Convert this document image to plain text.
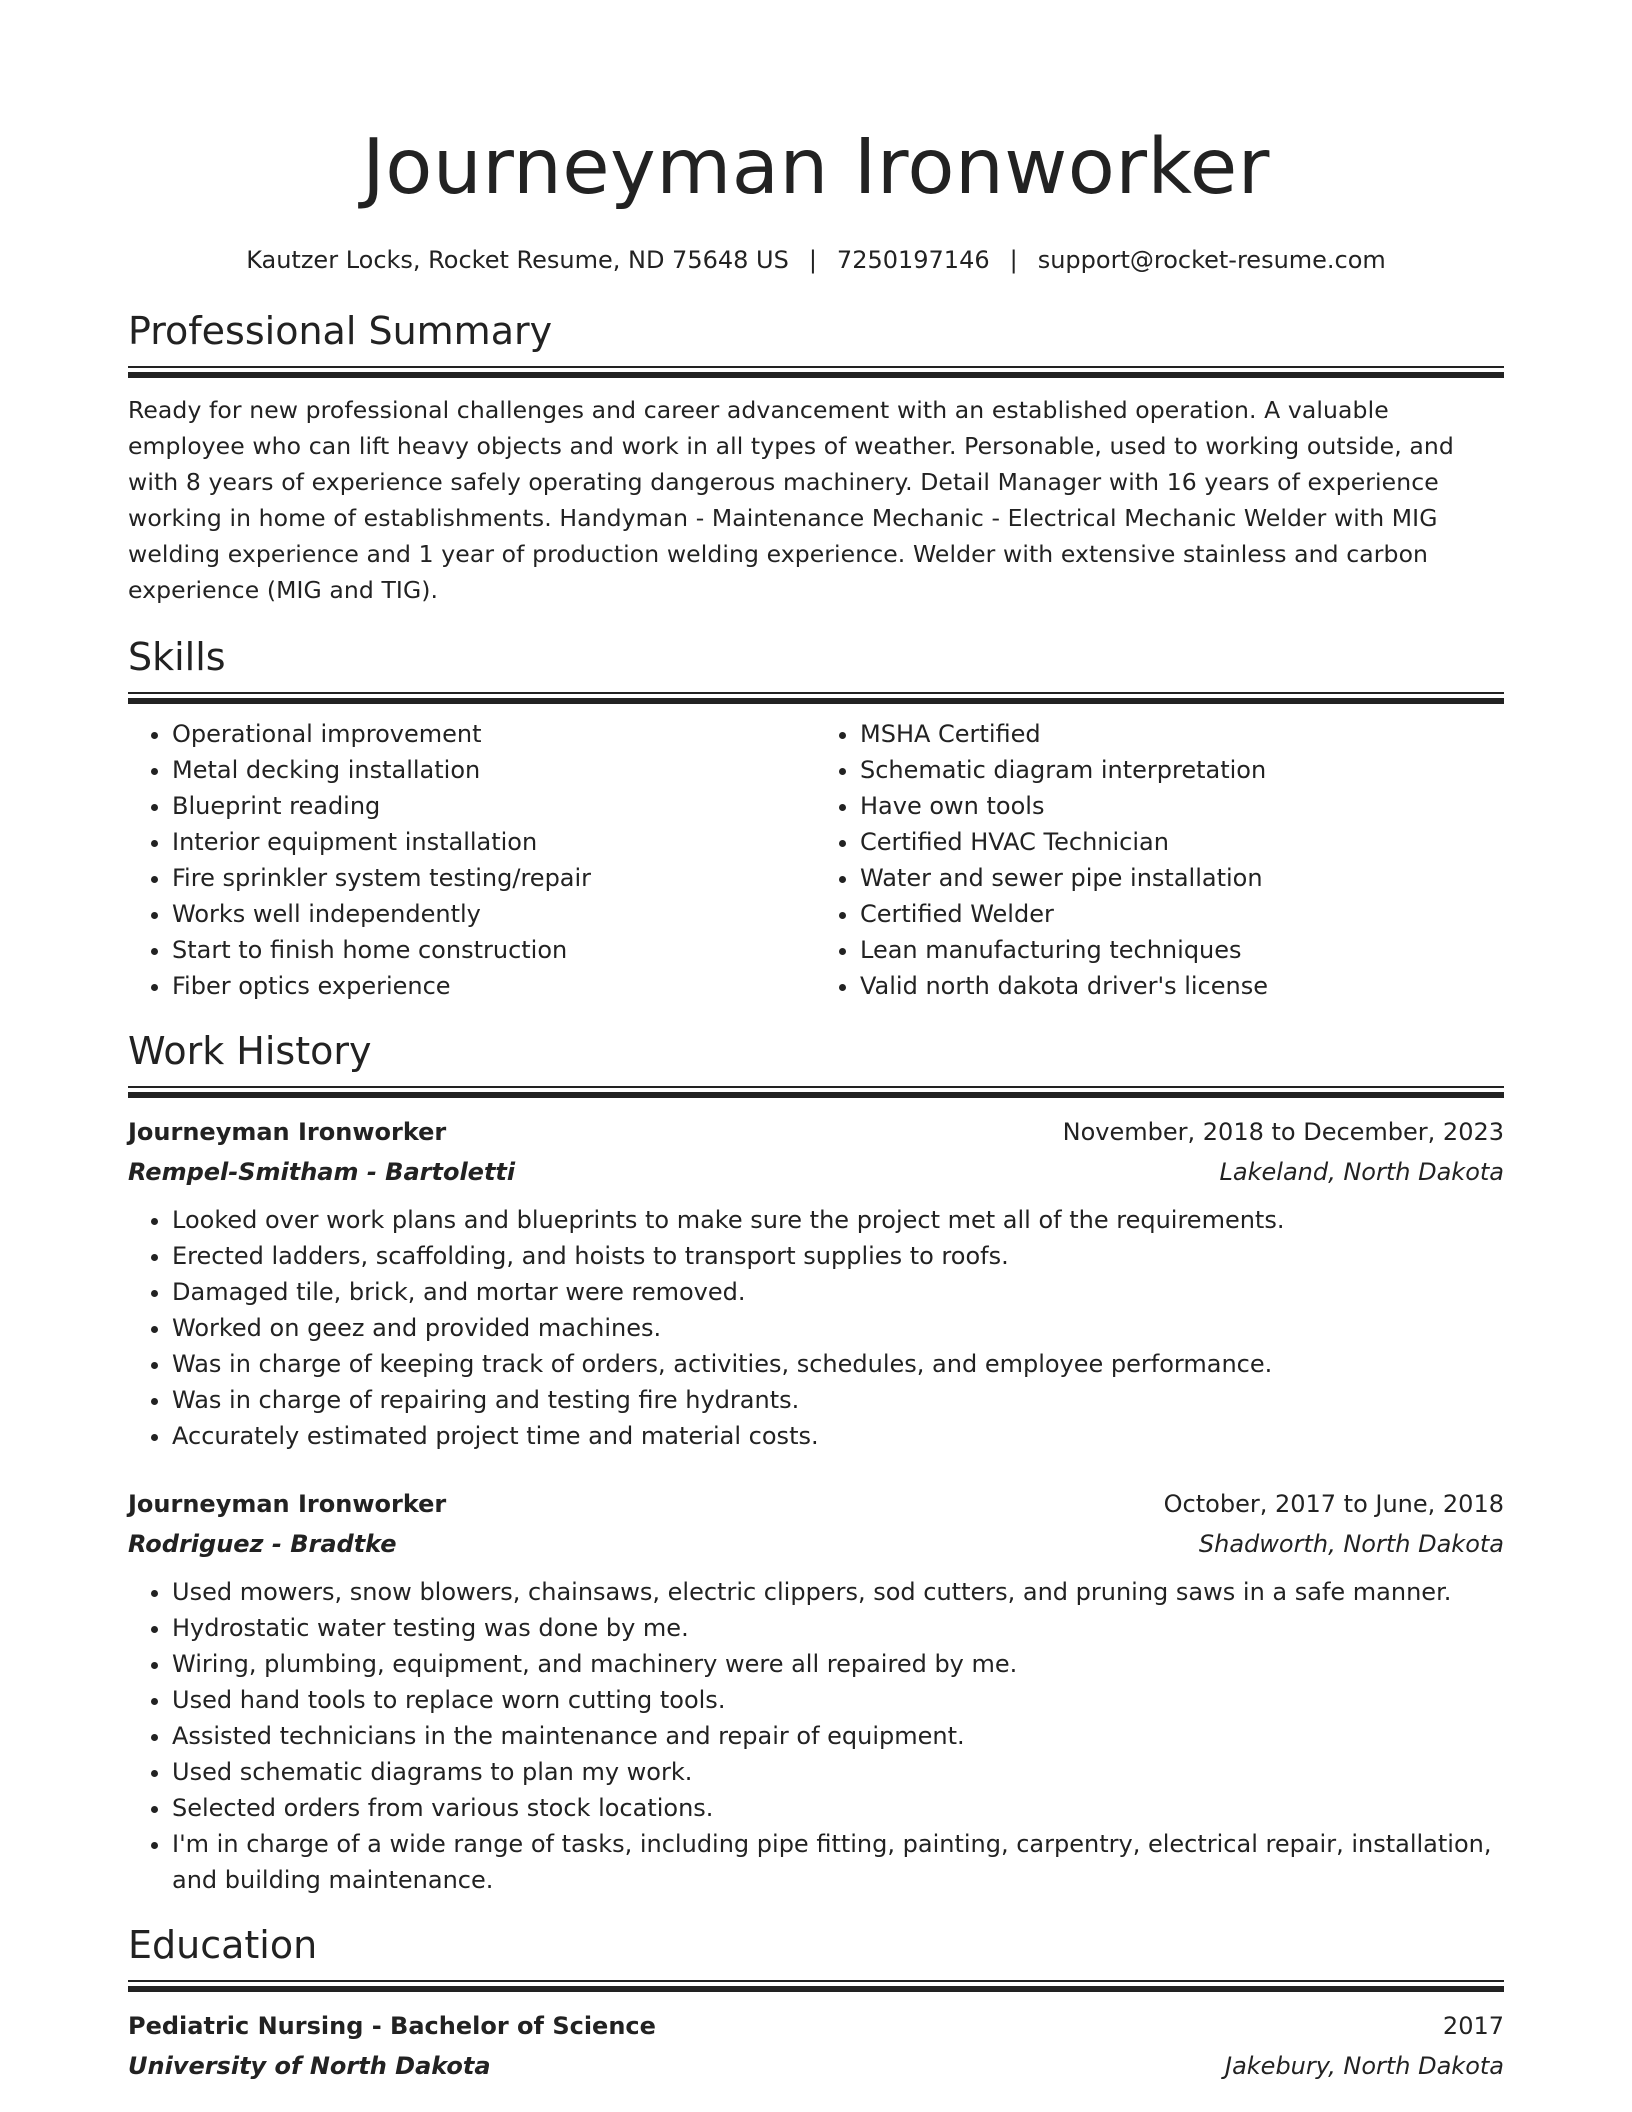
Journeyman Ironworker
Kautzer Locks, Rocket Resume, ND 75648 US | 7250197146 | support@rocket-resume.com
Professional Summary
Ready for new professional challenges and career advancement with an established operation. A valuable employee who can lift heavy objects and work in all types of weather. Personable, used to working outside, and with 8 years of experience safely operating dangerous machinery. Detail Manager with 16 years of experience working in home of establishments. Handyman - Maintenance Mechanic - Electrical Mechanic Welder with MIG welding experience and 1 year of production welding experience. Welder with extensive stainless and carbon experience (MIG and TIG).
Skills
• Operational improvement
• Metal decking installation
• Blueprint reading
• Interior equipment installation
• Fire sprinkler system testing/repair
• Works well independently
• Start to finish home construction
• Fiber optics experience
• MSHA Certified
• Schematic diagram interpretation
• Have own tools
• Certified HVAC Technician
• Water and sewer pipe installation
• Certified Welder
• Lean manufacturing techniques
• Valid north dakota driver's license
Work History
Journeyman Ironworker	November, 2018 to December, 2023
Rempel-Smitham - Bartoletti	Lakeland, North Dakota
• Looked over work plans and blueprints to make sure the project met all of the requirements.
• Erected ladders, scaffolding, and hoists to transport supplies to roofs.
• Damaged tile, brick, and mortar were removed.
• Worked on geez and provided machines.
• Was in charge of keeping track of orders, activities, schedules, and employee performance.
• Was in charge of repairing and testing fire hydrants.
• Accurately estimated project time and material costs.
Journeyman Ironworker	October, 2017 to June, 2018
Rodriguez - Bradtke	Shadworth, North Dakota
• Used mowers, snow blowers, chainsaws, electric clippers, sod cutters, and pruning saws in a safe manner.
• Hydrostatic water testing was done by me.
• Wiring, plumbing, equipment, and machinery were all repaired by me.
• Used hand tools to replace worn cutting tools.
• Assisted technicians in the maintenance and repair of equipment.
• Used schematic diagrams to plan my work.
• Selected orders from various stock locations.
• I'm in charge of a wide range of tasks, including pipe fitting, painting, carpentry, electrical repair, installation, and building maintenance.
Education
Pediatric Nursing - Bachelor of Science	2017
University of North Dakota	Jakebury, North Dakota
